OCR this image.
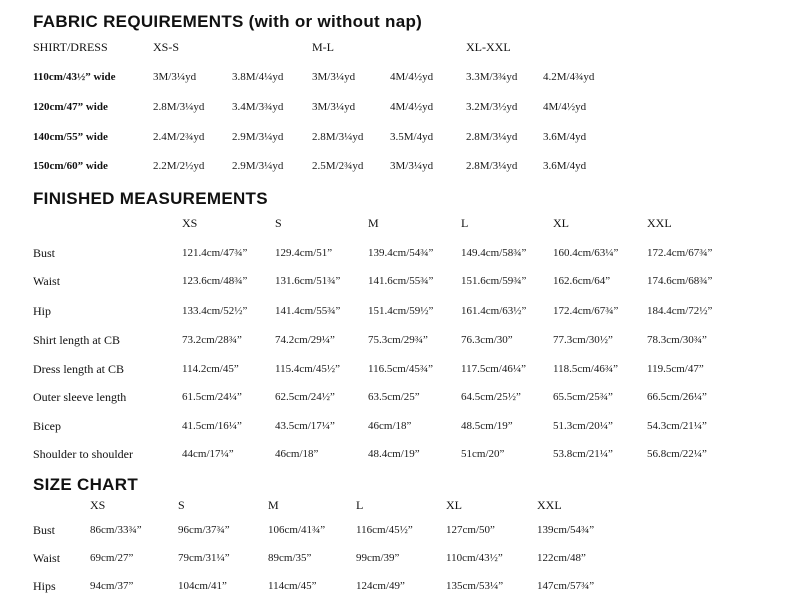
FABRIC REQUIREMENTS (with or without nap)
SHIRT/DRESS	XS-S	M-L	XL-XXL
110cm/43½” wide	3M/3¼yd	3.8M/4¼yd	3M/3¼yd	4M/4½yd	3.3M/3¾yd 4.2M/4¾yd
120cm/47” wide	2.8M/3¼yd	3.4M/3¾yd	3M/3¼yd	4M/4½yd	3.2M/3½yd 4M/4½yd
140cm/55” wide	2.4M/2¾yd	2.9M/3¼yd	2.8M/3¼yd 3.5M/4yd	2.8M/3¼yd 3.6M/4yd
150cm/60” wide	2.2M/2½yd	2.9M/3¼yd	2.5M/2¾yd 3M/3¼yd	2.8M/3¼yd 3.6M/4yd
FINISHED MEASUREMENTS
XS	S	M	L	XL	XXL
Bust	121.4cm/47¾”	129.4cm/51”	139.4cm/54¾”	149.4cm/58¾” 160.4cm/63¼”	172.4cm/67¾”
Waist	123.6cm/48¾”	131.6cm/51¾”	141.6cm/55¾”	151.6cm/59¾” 162.6cm/64”	174.6cm/68¾”
Hip	133.4cm/52½”	141.4cm/55¾”	151.4cm/59½”	161.4cm/63½” 172.4cm/67¾”	184.4cm/72½”
Shirt length at CB	73.2cm/28¾”	74.2cm/29¼”	75.3cm/29¾”	76.3cm/30”	77.3cm/30½”	78.3cm/30¾”
Dress length at CB	114.2cm/45”	115.4cm/45½”	116.5cm/45¾”	117.5cm/46¼” 118.5cm/46¾”	119.5cm/47”
Outer sleeve length	61.5cm/24¼”	62.5cm/24½”	63.5cm/25”	64.5cm/25½”	65.5cm/25¾”	66.5cm/26¼”
Bicep	41.5cm/16¼”	43.5cm/17¼”	46cm/18”	48.5cm/19”	51.3cm/20¼”	54.3cm/21¼”
Shoulder to shoulder	44cm/17¼”	46cm/18”	48.4cm/19”	51cm/20”	53.8cm/21¼”	56.8cm/22¼”
SIZE CHART
XS	S	M	L	XL	XXL
Bust	86cm/33¾”	96cm/37¾”	106cm/41¾”	116cm/45½”	127cm/50”	139cm/54¾”
Waist	69cm/27”	79cm/31¼”	89cm/35”	99cm/39”	110cm/43½”	122cm/48”
Hips	94cm/37”	104cm/41”	114cm/45”	124cm/49”	135cm/53¼”	147cm/57¾”
